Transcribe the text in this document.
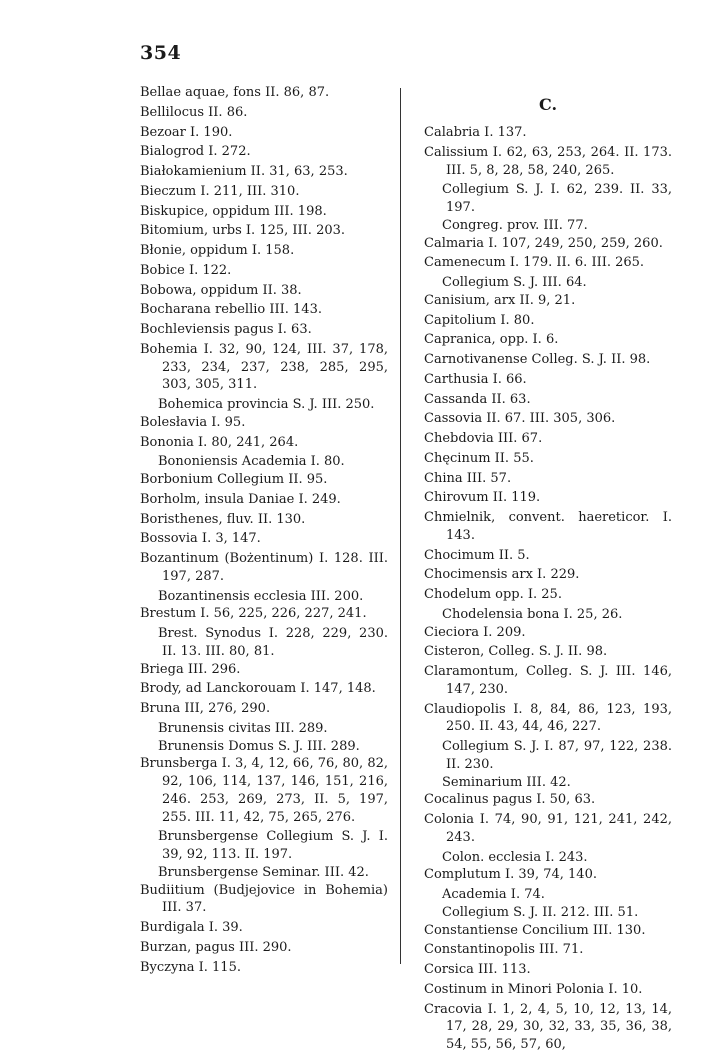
354
Bellae aquae, fons II. 86, 87.
Bellilocus II. 86.
Bezoar I. 190.
Bialogrod I. 272.
Białokamienium II. 31, 63, 253.
Bieczum I. 211, III. 310.
Biskupice, oppidum III. 198.
Bitomium, urbs I. 125, III. 203.
Błonie, oppidum I. 158.
Bobice I. 122.
Bobowa, oppidum II. 38.
Bocharana rebellio III. 143.
Bochleviensis pagus I. 63.
Bohemia I. 32, 90, 124, III. 37, 178, 233, 234, 237, 238, 285, 295, 303, 305, 311.
Bohemica provincia S. J. III. 250.
Bolesłavia I. 95.
Bononia I. 80, 241, 264.
Bononiensis Academia I. 80.
Borbonium Collegium II. 95.
Borholm, insula Daniae I. 249.
Boristhenes, fluv. II. 130.
Bossovia I. 3, 147.
Bozantinum (Bożentinum) I. 128. III. 197, 287.
Bozantinensis ecclesia III. 200.
Brestum I. 56, 225, 226, 227, 241.
Brest. Synodus I. 228, 229, 230. II. 13. III. 80, 81.
Briega III. 296.
Brody, ad Lanckorouam I. 147, 148.
Bruna III, 276, 290.
Brunensis civitas III. 289.
Brunensis Domus S. J. III. 289.
Brunsberga I. 3, 4, 12, 66, 76, 80, 82, 92, 106, 114, 137, 146, 151, 216, 246. 253, 269, 273, II. 5, 197, 255. III. 11, 42, 75, 265, 276.
Brunsbergense Collegium S. J. I. 39, 92, 113. II. 197.
Brunsbergense Seminar. III. 42.
Budiitium (Budjejovice in Bohemia) III. 37.
Burdigala I. 39.
Burzan, pagus III. 290.
Byczyna I. 115.
C.
Calabria I. 137.
Calissium I. 62, 63, 253, 264. II. 173. III. 5, 8, 28, 58, 240, 265.
Collegium S. J. I. 62, 239. II. 33, 197.
Congreg. prov. III. 77.
Calmaria I. 107, 249, 250, 259, 260.
Camenecum I. 179. II. 6. III. 265.
Collegium S. J. III. 64.
Canisium, arx II. 9, 21.
Capitolium I. 80.
Capranica, opp. I. 6.
Carnotivanense Colleg. S. J. II. 98.
Carthusia I. 66.
Cassanda II. 63.
Cassovia II. 67. III. 305, 306.
Chebdovia III. 67.
Chęcinum II. 55.
China III. 57.
Chirovum II. 119.
Chmielnik, convent. haereticor. I. 143.
Chocimum II. 5.
Chocimensis arx I. 229.
Chodelum opp. I. 25.
Chodelensia bona I. 25, 26.
Cieciora I. 209.
Cisteron, Colleg. S. J. II. 98.
Claramontum, Colleg. S. J. III. 146, 147, 230.
Claudiopolis I. 8, 84, 86, 123, 193, 250. II. 43, 44, 46, 227.
Collegium S. J. I. 87, 97, 122, 238. II. 230.
Seminarium III. 42.
Cocalinus pagus I. 50, 63.
Colonia I. 74, 90, 91, 121, 241, 242, 243.
Colon. ecclesia I. 243.
Complutum I. 39, 74, 140.
Academia I. 74.
Collegium S. J. II. 212. III. 51.
Constantiense Concilium III. 130.
Constantinopolis III. 71.
Corsica III. 113.
Costinum in Minori Polonia I. 10.
Cracovia I. 1, 2, 4, 5, 10, 12, 13, 14, 17, 28, 29, 30, 32, 33, 35, 36, 38, 54, 55, 56, 57, 60,
